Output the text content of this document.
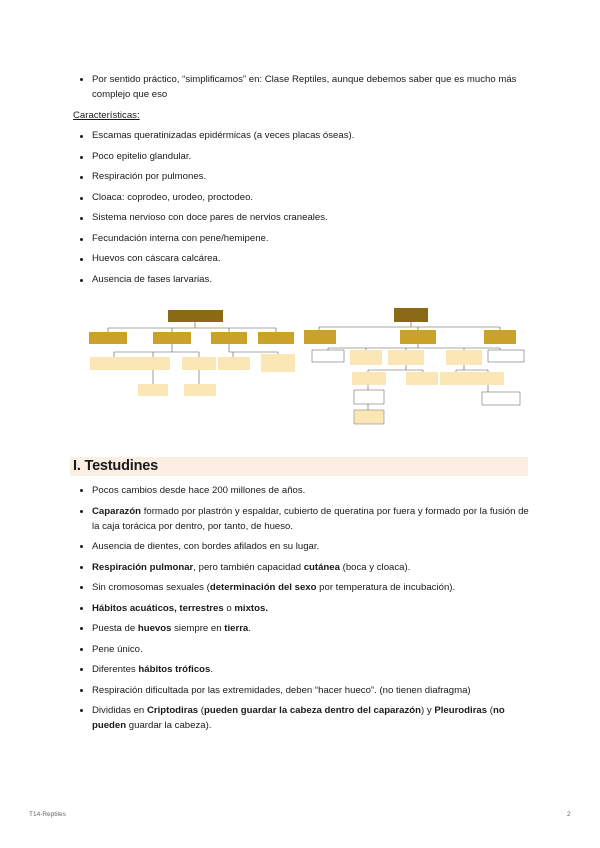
Por sentido práctico, “simplificamos” en: Clase Reptiles, aunque debemos saber que es mucho más complejo que eso
Características:
Escamas queratinizadas epidérmicas (a veces placas óseas).
Poco epitelio glandular.
Respiración por pulmones.
Cloaca: coprodeo, urodeo, proctodeo.
Sistema nervioso con doce pares de nervios craneales.
Fecundación interna con pene/hemipene.
Huevos con cáscara calcárea.
Ausencia de fases larvarias.
I. Testudines
Pocos cambios desde hace 200 millones de años.
Caparazón formado por plastrón y espaldar, cubierto de queratina por fuera y formado por la fusión de la caja torácica por dentro, por tanto, de hueso.
Ausencia de dientes, con bordes afilados en su lugar.
Respiración pulmonar, pero también capacidad cutánea (boca y cloaca).
Sin cromosomas sexuales (determinación del sexo por temperatura de incubación).
Hábitos acuáticos, terrestres o mixtos.
Puesta de huevos siempre en tierra.
Pene único.
Diferentes hábitos tróficos.
Respiración dificultada por las extremidades, deben “hacer hueco”. (no tienen diafragma)
Divididas en Criptodiras (pueden guardar la cabeza dentro del caparazón) y Pleurodiras (no pueden guardar la cabeza).
T14-Reptiles	2
